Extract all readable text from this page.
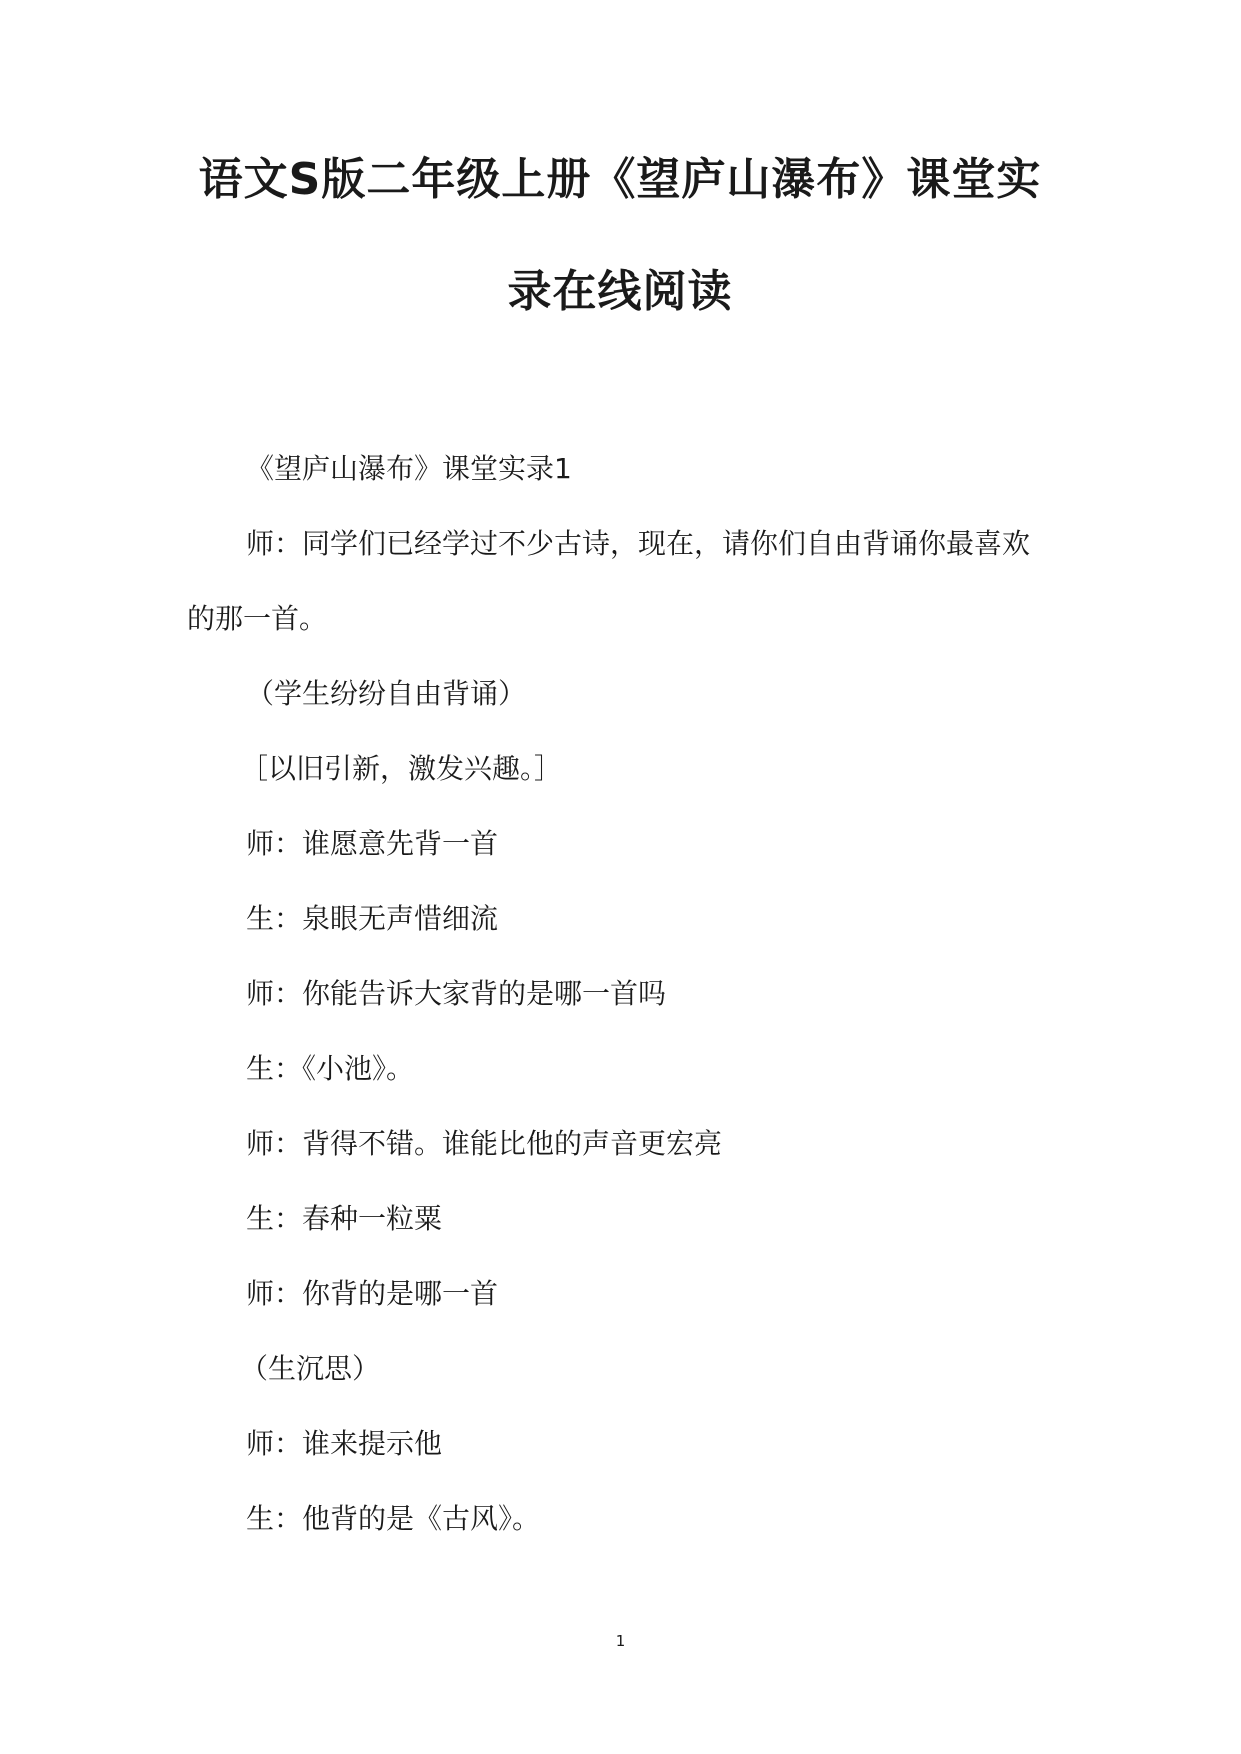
语文S版二年级上册《望庐山瀑布》课堂实
录在线阅读
《望庐山瀑布》课堂实录1
师：同学们已经学过不少古诗，现在，请你们自由背诵你最喜欢
的那一首。
（学生纷纷自由背诵）
［以旧引新，激发兴趣。］
师：谁愿意先背一首
生：泉眼无声惜细流
师：你能告诉大家背的是哪一首吗
生：《小池》。
师：背得不错。谁能比他的声音更宏亮
生：春种一粒粟
师：你背的是哪一首
（生沉思）
师：谁来提示他
生：他背的是《古风》。
1
